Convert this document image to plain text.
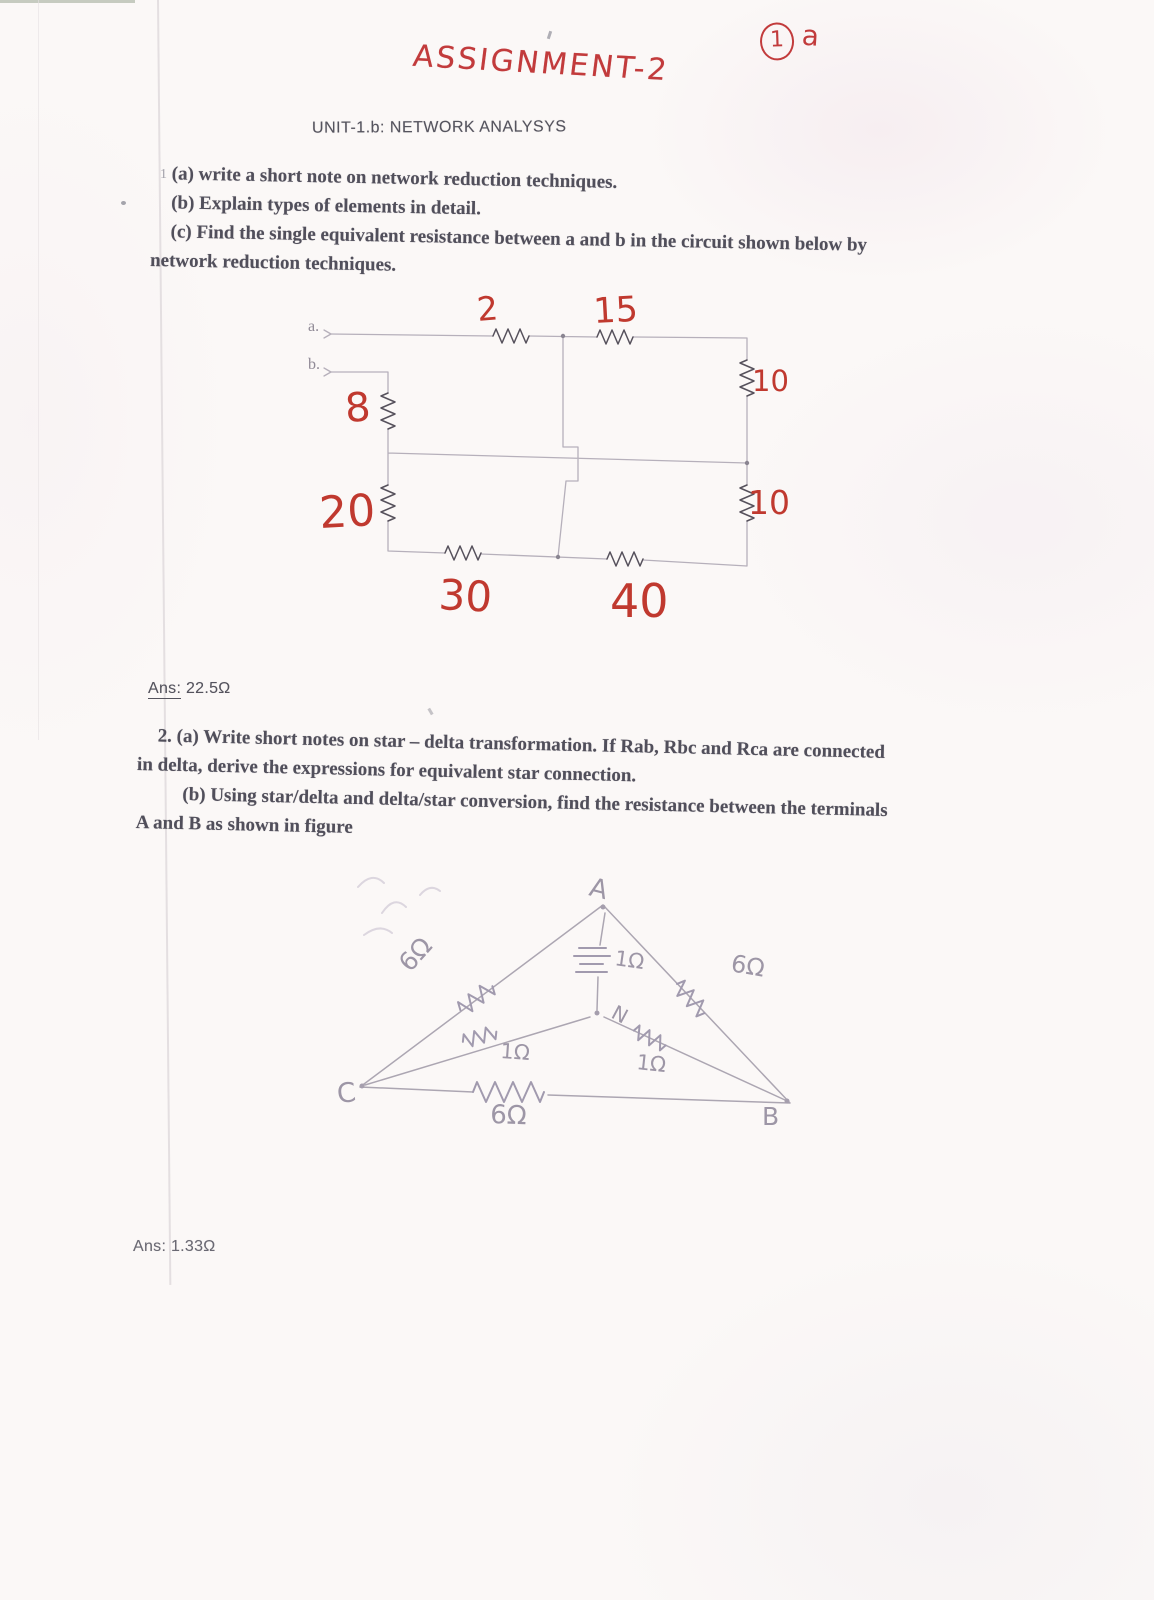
ASSIGNMENT-2	1 a
UNIT-1.b: NETWORK ANALYSYS
1 (a) write a short note on network reduction techniques.
(b) Explain types of elements in detail.
(c) Find the single equivalent resistance between a and b in the circuit shown below by
network reduction techniques.
a.
b.
2	15
10
8
20	10
30	40
Ans: 22.5Ω
2. (a) Write short notes on star – delta transformation. If Rab, Rbc and Rca are connected
in delta, derive the expressions for equivalent star connection.
(b) Using star/delta and delta/star conversion, find the resistance between the terminals
A and B as shown in figure
A
C
B
N
6Ω	1Ω	6Ω
1Ω	1Ω
6Ω
Ans: 1.33Ω
